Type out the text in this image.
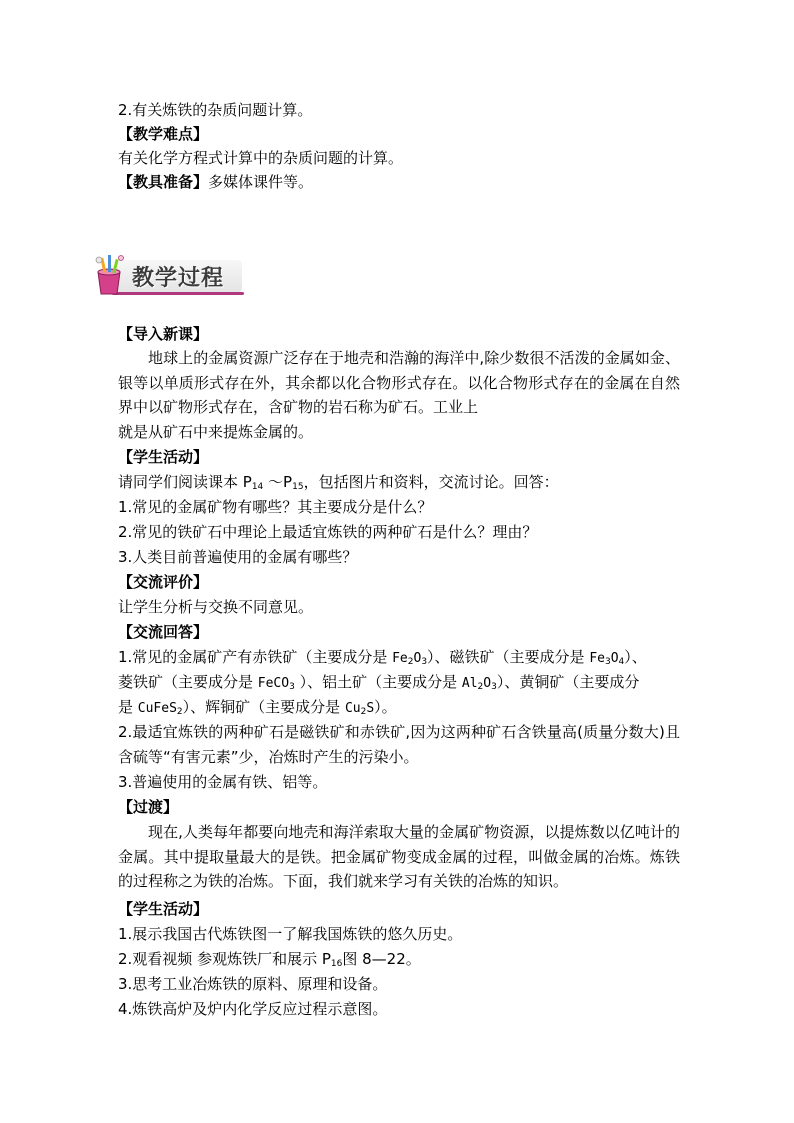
2.有关炼铁的杂质问题计算。
【教学难点】
有关化学方程式计算中的杂质问题的计算。
【教具准备】多媒体课件等。
【导入新课】
地球上的金属资源广泛存在于地壳和浩瀚的海洋中,除少数很不活泼的金属如金、银等以单质形式存在外，其余都以化合物形式存在。以化合物形式存在的金属在自然界中以矿物形式存在，含矿物的岩石称为矿石。工业上
就是从矿石中来提炼金属的。
【学生活动】
请同学们阅读课本 $P_{14}$ $\sim P_{15}$，包括图片和资料，交流讨论。回答：
1.常见的金属矿物有哪些？其主要成分是什么？
2.常见的铁矿石中理论上最适宜炼铁的两种矿石是什么？理由？
3.人类目前普遍使用的金属有哪些？
【交流评价】
让学生分析与交换不同意见。
【交流回答】
1.常见的金属矿产有赤铁矿（主要成分是 $Fe_2O_3$）、磁铁矿（主要成分是 $Fe_3O_4$）、
菱铁矿（主要成分是 FeCO$_3$ ）、铝土矿（主要成分是 $Al_2O_3$）、黄铜矿（主要成分
是 CuFeS$_2$）、辉铜矿（主要成分是 $Cu_2S$）。
2.最适宜炼铁的两种矿石是磁铁矿和赤铁矿,因为这两种矿石含铁量高(质量分数大)且含硫等“有害元素”少，冶炼时产生的污染小。
3.普遍使用的金属有铁、铝等。
【过渡】
现在,人类每年都要向地壳和海洋索取大量的金属矿物资源，以提炼数以亿吨计的金属。其中提取量最大的是铁。把金属矿物变成金属的过程，叫做金属的冶炼。炼铁的过程称之为铁的冶炼。下面，我们就来学习有关铁的冶炼的知识。
【学生活动】
1.展示我国古代炼铁图一了解我国炼铁的悠久历史。
2.观看视频 参观炼铁厂和展示 $P_{16}$图 8—22。
3.思考工业冶炼铁的原料、原理和设备。
4.炼铁高炉及炉内化学反应过程示意图。
教学过程
